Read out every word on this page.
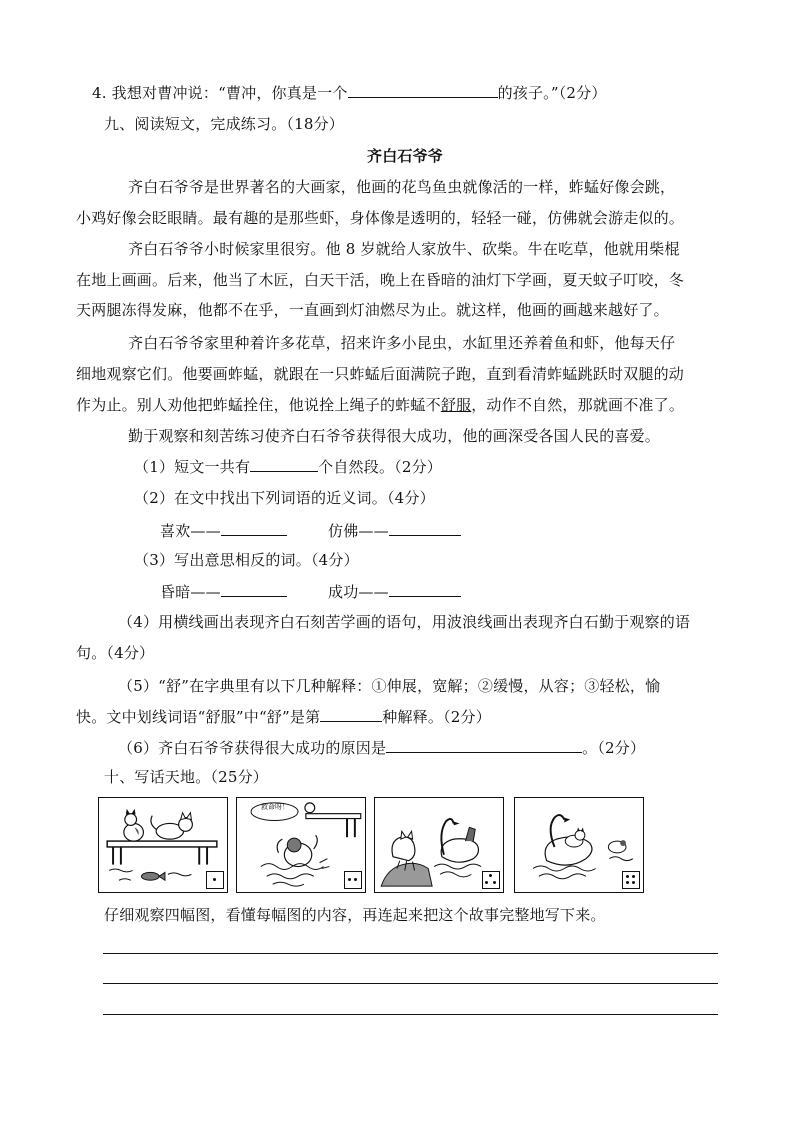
4. 我想对曹冲说：“曹冲，你真是一个	的孩子。”（2分）
九、阅读短文，完成练习。（18分）
齐白石爷爷
齐白石爷爷是世界著名的大画家，他画的花鸟鱼虫就像活的一样，蚱蜢好像会跳，
小鸡好像会眨眼睛。最有趣的是那些虾，身体像是透明的，轻轻一碰，仿佛就会游走似的。
齐白石爷爷小时候家里很穷。他 8 岁就给人家放牛、砍柴。牛在吃草，他就用柴棍
在地上画画。后来，他当了木匠，白天干活，晚上在昏暗的油灯下学画，夏天蚊子叮咬，冬
天两腿冻得发麻，他都不在乎，一直画到灯油燃尽为止。就这样，他画的画越来越好了。
齐白石爷爷家里种着许多花草，招来许多小昆虫，水缸里还养着鱼和虾，他每天仔
细地观察它们。他要画蚱蜢，就跟在一只蚱蜢后面满院子跑，直到看清蚱蜢跳跃时双腿的动
作为止。别人劝他把蚱蜢拴住，他说拴上绳子的蚱蜢不舒服，动作不自然，那就画不准了。
勤于观察和刻苦练习使齐白石爷爷获得很大成功，他的画深受各国人民的喜爱。
（1）短文一共有	个自然段。（2分）
（2）在文中找出下列词语的近义词。（4分）
喜欢——	仿佛——
（3）写出意思相反的词。（4分）
昏暗——	成功——
（4）用横线画出表现齐白石刻苦学画的语句，用波浪线画出表现齐白石勤于观察的语
句。（4分）
（5）“舒”在字典里有以下几种解释：①伸展，宽解；②缓慢，从容；③轻松，愉
快。文中划线词语“舒服”中“舒”是第	种解释。（2分）
（6）齐白石爷爷获得很大成功的原因是	。（2分）
十、写话天地。（25分）
救命呀！
仔细观察四幅图，看懂每幅图的内容，再连起来把这个故事完整地写下来。
